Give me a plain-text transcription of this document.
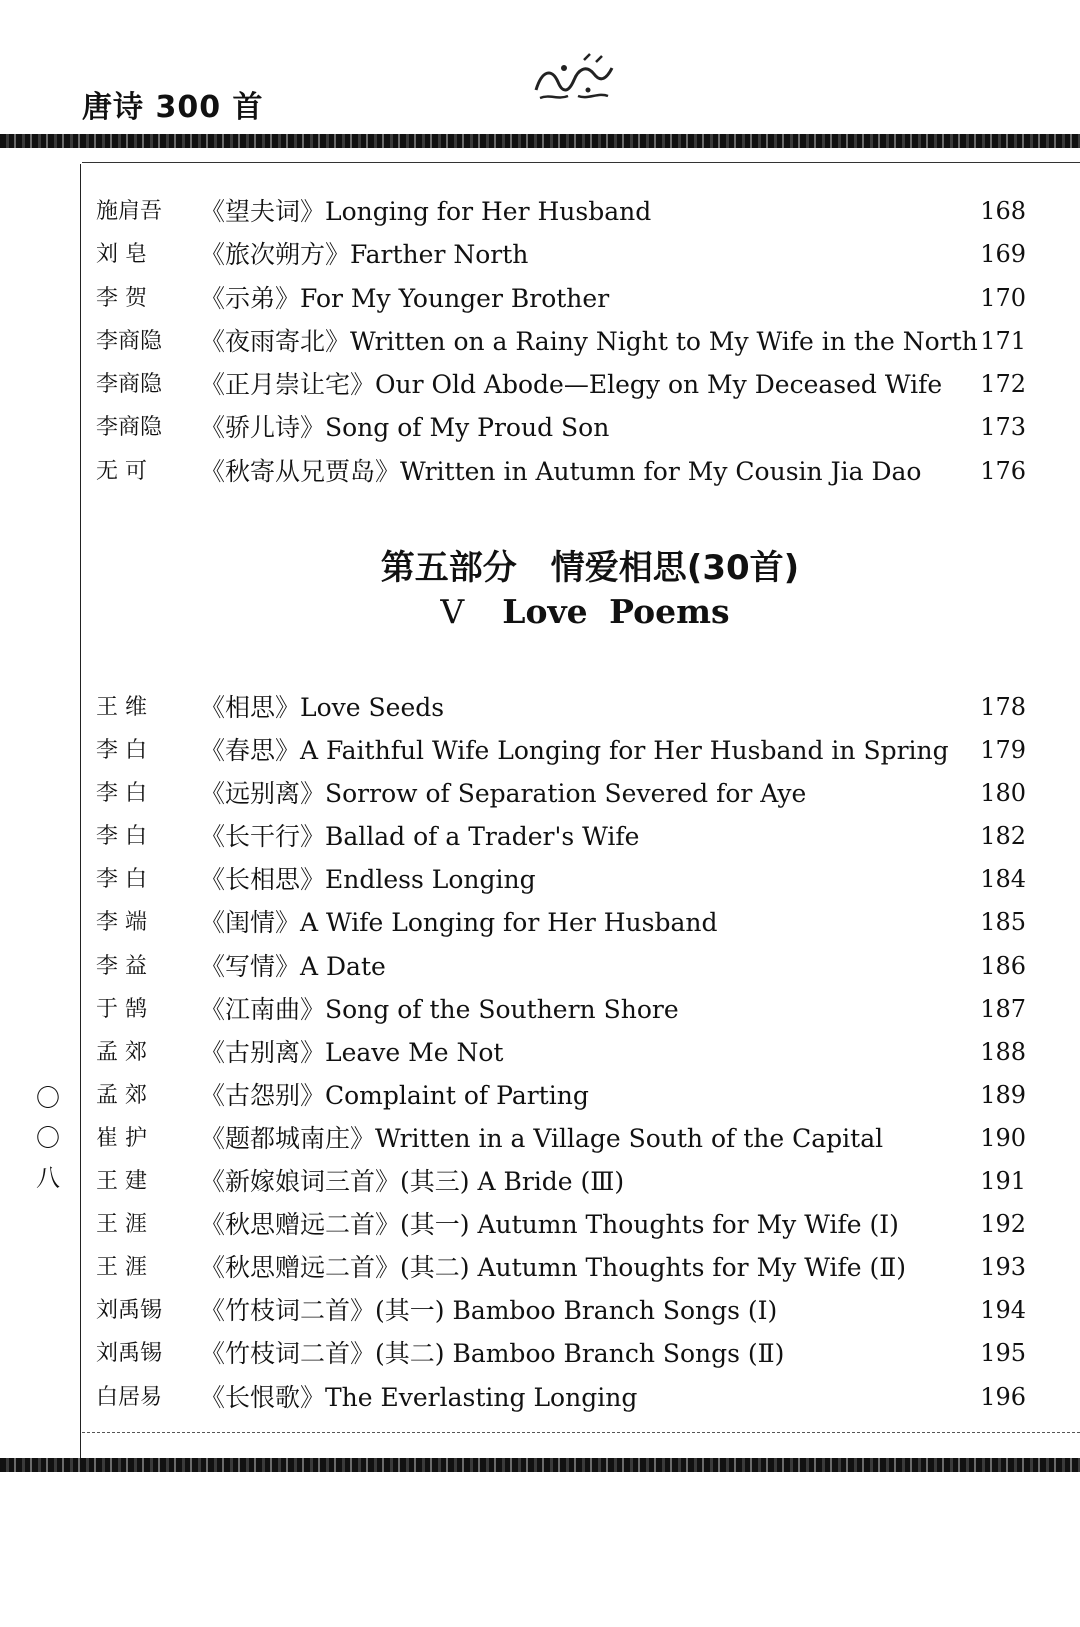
唐诗 300 首
施肩吾	《望夫词》Longing for Her Husband	168
刘 皂	《旅次朔方》Farther North	169
李 贺	《示弟》For My Younger Brother	170
李商隐	《夜雨寄北》Written on a Rainy Night to My Wife in the North 171
李商隐	《正月崇让宅》Our Old Abode—Elegy on My Deceased Wife	172
李商隐	《骄儿诗》Song of My Proud Son	173
无 可	《秋寄从兄贾岛》Written in Autumn for My Cousin Jia Dao	176
第五部分　情爱相思(30首)
V Love Poems
王 维	《相思》Love Seeds	178
李 白	《春思》A Faithful Wife Longing for Her Husband in Spring	179
李 白	《远别离》Sorrow of Separation Severed for Aye	180
李 白	《长干行》Ballad of a Trader's Wife	182
李 白	《长相思》Endless Longing	184
李 端	《闺情》A Wife Longing for Her Husband	185
李 益	《写情》A Date	186
于 鹄	《江南曲》Song of the Southern Shore	187
孟 郊	《古别离》Leave Me Not	188
孟 郊	《古怨别》Complaint of Parting	189
崔 护	《题都城南庄》Written in a Village South of the Capital	190
王 建	《新嫁娘词三首》(其三) A Bride (Ⅲ)	191
王 涯	《秋思赠远二首》(其一) Autumn Thoughts for My Wife (Ⅰ)	192
王 涯	《秋思赠远二首》(其二) Autumn Thoughts for My Wife (Ⅱ)	193
刘禹锡	《竹枝词二首》(其一) Bamboo Branch Songs (Ⅰ)	194
刘禹锡	《竹枝词二首》(其二) Bamboo Branch Songs (Ⅱ)	195
白居易	《长恨歌》The Everlasting Longing	196
〇
〇
八
